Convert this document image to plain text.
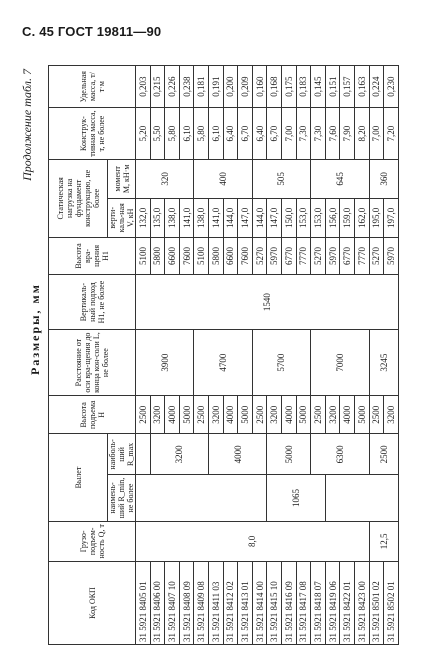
С. 45 ГОСТ 19811—90
Продолжение табл. 7
Размеры, мм
Код ОКП	Грузо-подъем-ность Q, т	Вылет		Высота подъема H	Расстояние от оси вра-щения до конца кон-соли L, не более	Вертикаль-ный подход H1, не более	Высота вра-щения H1	Статическая нагрузка на фундамент конструкцию, не более		Конструк-тивная масса, т, не более	Удельная масса, т/т·м
		наимень-ший R_min, не более	наиболь-ший R_max					верти-каль-ная V, кН	момент M, кН·м		
31 5921 8405 01	8,0			2500	3900	1540	5100	132,0	320	5,20	0,203
31 5921 8406 00			3200	3200			5800	135,0		5,50	0,215
31 5921 8407 10				4000			6600	138,0		5,80	0,226
31 5921 8408 09				5000			7600	141,0		6,10	0,238
31 5921 8409 08				2500	4700		5100	138,0	400	5,80	0,181
31 5921 8411 03			4000	3200			5800	141,0		6,10	0,191
31 5921 8412 02				4000			6600	144,0		6,40	0,200
31 5921 8413 01				5000			7600	147,0		6,70	0,209
31 5921 8414 00				2500	5700		5270	144,0	505	6,40	0,160
31 5921 8415 10		1065	5000	3200			5970	147,0		6,70	0,168
31 5921 8416 09				4000			6770	150,0		7,00	0,175
31 5921 8417 08				5000			7770	153,0		7,30	0,183
31 5921 8418 07			6300	2500	7000		5270	153,0	645	7,30	0,145
31 5921 8419 06				3200			5970	156,0		7,60	0,151
31 5921 8422 01				4000			6770	159,0		7,90	0,157
31 5921 8423 00				5000			7770	162,0		8,20	0,163
31 5921 8501 02	12,5		2500	2500	3245		5270	195,0	360	7,00	0,224
31 5921 8502 01				3200			5970	197,0		7,20	0,230
